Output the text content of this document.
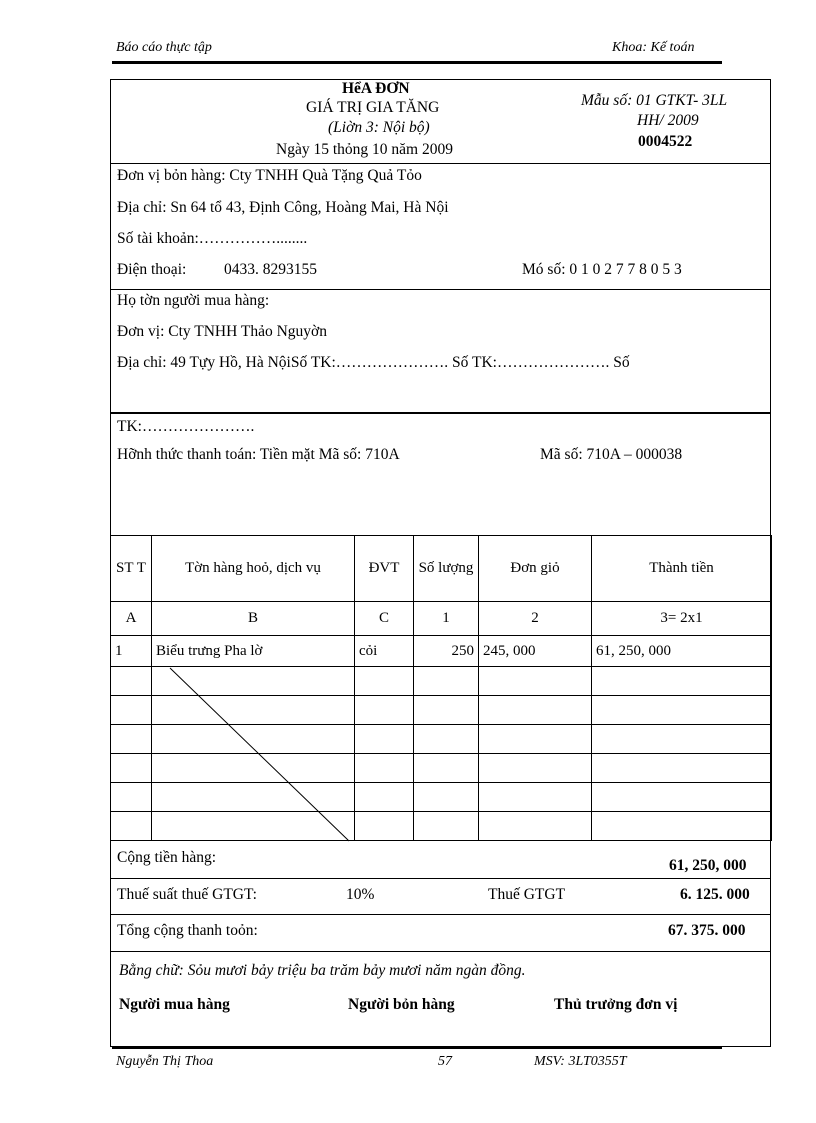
Báo cáo thực tập	Khoa: Kế toán
HểA ĐƠN
GIÁ TRỊ GIA TĂNG
(Liờn 3: Nội bộ)
Ngày 15 thỏng 10 năm 2009
Mẫu số: 01 GTKT- 3LL
HH/ 2009
0004522
Đơn vị bỏn hàng: Cty TNHH Quà Tặng Quả Tỏo
Địa chỉ: Sn 64 tổ 43, Định Công, Hoàng Mai, Hà Nội
Số tài khoản:……………........
Điện thoại: 0433. 8293155	Mó số: 0 1 0 2 7 7 8 0 5 3
Họ tờn người mua hàng:
Đơn vị: Cty TNHH Thảo Nguyờn
Địa chỉ: 49 Tựy Hồ, Hà NộiSố TK:…………………. Số TK:…………………. Số
TK:………………….
Hỡnh thức thanh toán: Tiền mặt Mã số: 710A	Mã số: 710A – 000038
ST T	Tờn hàng hoỏ, dịch vụ	ĐVT	Số lượng	Đơn giỏ	Thành tiền
A	B	C	1	2	3= 2x1
1	Biểu trưng Pha lờ	cỏi	250	245, 000	61, 250, 000

Cộng tiền hàng:	61, 250, 000
Thuế suất thuế GTGT:	10%	Thuế GTGT	6. 125. 000
Tổng cộng thanh toỏn:	67. 375. 000
Bằng chữ: Sỏu mươi bảy triệu ba trăm bảy mươi năm ngàn đồng.
Người mua hàng	Người bỏn hàng	Thủ trưởng đơn vị
Nguyễn Thị Thoa	57	MSV: 3LT0355T
